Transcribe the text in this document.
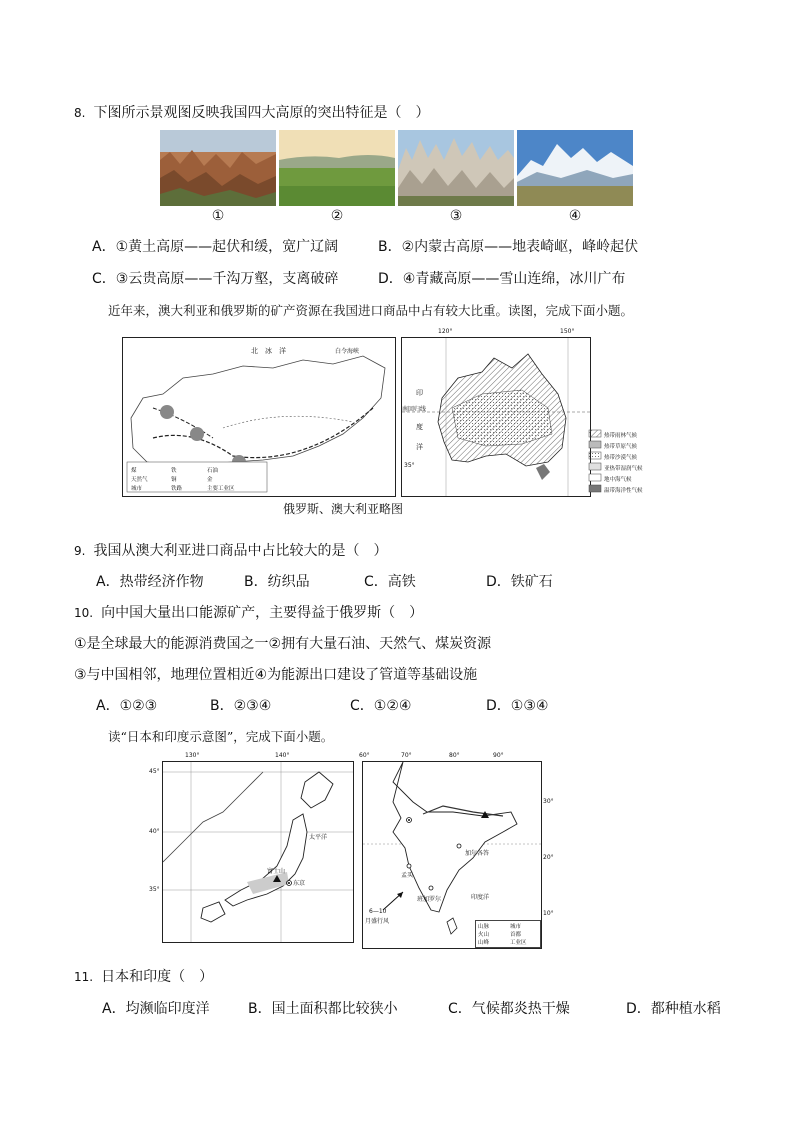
8. 下图所示景观图反映我国四大高原的突出特征是（　）
①	②	③	④
A．①黄土高原——起伏和缓，宽广辽阔	B．②内蒙古高原——地表崎岖，峰岭起伏
C．③云贵高原——千沟万壑，支离破碎	D．④青藏高原——雪山连绵，冰川广布
近年来，澳大利亚和俄罗斯的矿产资源在我国进口商品中占有较大比重。读图，完成下面小题。
北　冰　洋	白令海峡
煤	铁	石油
天然气	铜	金
城市	铁路	主要工业区
120°	150°
35°
南回归线
印
度
洋
热带雨林气候
热带草原气候
热带沙漠气候
亚热带湿润气候
地中海气候
温带海洋性气候
俄罗斯、澳大利亚略图
9. 我国从澳大利亚进口商品中占比较大的是（　）
A．热带经济作物	B．纺织品	C．高铁	D．铁矿石
10. 向中国大量出口能源矿产，主要得益于俄罗斯（　）
①是全球最大的能源消费国之一②拥有大量石油、天然气、煤炭资源
③与中国相邻，地理位置相近④为能源出口建设了管道等基础设施
A．①②③	B．②③④	C．①②④	D．①③④
读“日本和印度示意图”，完成下面小题。
130°	140°
45°
40°
35°
太平洋
富士山
东京
60°	70°	80°	90°
30°
20°
10°
加尔各答
孟买
班加罗尔
6—10
月盛行风
印度洋
山脉	城市
火山	首都
山峰	工业区
11. 日本和印度（　）
A．均濒临印度洋	B．国土面积都比较狭小	C．气候都炎热干燥	D．都种植水稻
